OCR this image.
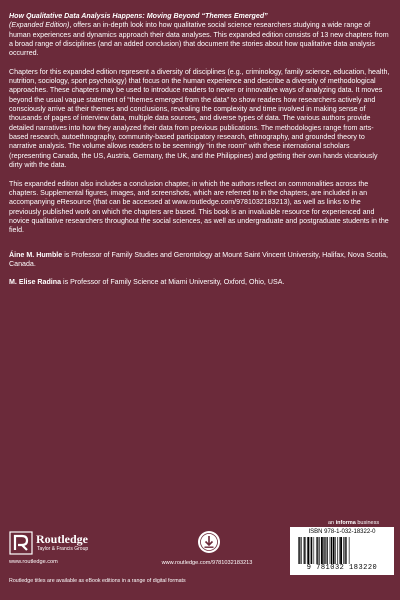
How Qualitative Data Analysis Happens: Moving Beyond “Themes Emerged”
(Expanded Edition), offers an in-depth look into how qualitative social science researchers studying a wide range of human experiences and dynamics approach their data analyses. This expanded edition consists of 13 new chapters from a broad range of disciplines (and an added conclusion) that document the stories about how qualitative data analysis occurred.

Chapters for this expanded edition represent a diversity of disciplines (e.g., criminology, family science, education, health, nutrition, sociology, sport psychology) that focus on the human experience and describe a diversity of methodological approaches. These chapters may be used to introduce readers to newer or innovative ways of analyzing data. It moves beyond the usual vague statement of “themes emerged from the data” to show readers how researchers actively and consciously arrive at their themes and conclusions, revealing the complexity and time involved in making sense of thousands of pages of interview data, multiple data sources, and diverse types of data. The various authors provide detailed narratives into how they analyzed their data from previous publications. The methodologies range from arts-based research, autoethnography, community-based participatory research, ethnography, and grounded theory to narrative analysis. The volume allows readers to be seemingly “in the room” with these international scholars (representing Canada, the US, Austria, Germany, the UK, and the Philippines) and getting their own hands vicariously dirty with the data.

This expanded edition also includes a conclusion chapter, in which the authors reflect on commonalities across the chapters. Supplemental figures, images, and screenshots, which are referred to in the chapters, are included in an accompanying eResource (that can be accessed at www.routledge.com/9781032183213), as well as links to the previously published work on which the chapters are based. This book is an invaluable resource for experienced and novice qualitative researchers throughout the social sciences, as well as undergraduate and postgraduate students in the field.

Áine M. Humble is Professor of Family Studies and Gerontology at Mount Saint Vincent University, Halifax, Nova Scotia, Canada.

M. Elise Radina is Professor of Family Science at Miami University, Oxford, Ohio, USA.

Routledge
Taylor & Francis Group
www.routledge.com	www.routledge.com/9781032183213
an informa business
ISBN 978-1-032-18322-0
9 781032 183220
Routledge titles are available as eBook editions in a range of digital formats
